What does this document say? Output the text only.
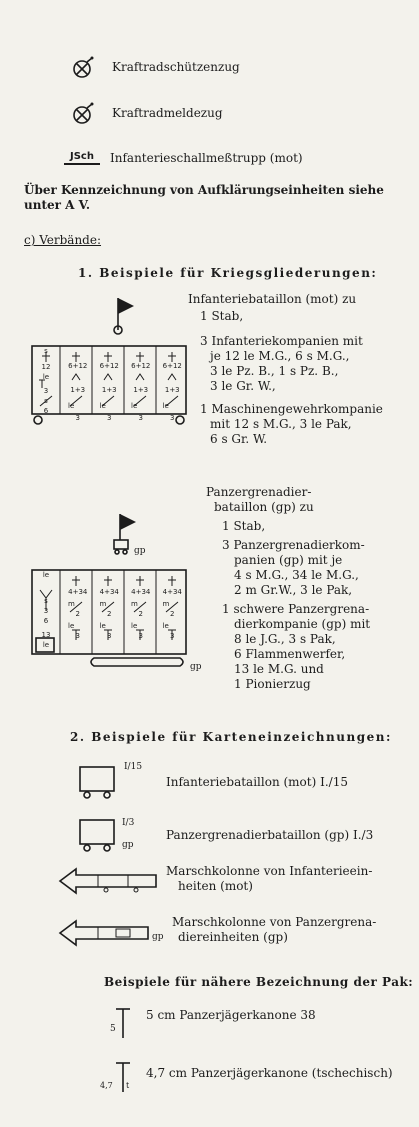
Kraftradschützenzug
Kraftradmeldezug
JSch	Infanterieschallmeßtrupp (mot)
Über Kennzeichnung von Aufklärungseinheiten siehe
unter A V.
c) Verbände:
1. Beispiele für Kriegsgliederungen:
s
12
le
3
s
6
6+12	6+12	6+12	6+12
1+3	1+3	1+3	1+3
le	le	le	le
3	3	3	3
Infanteriebataillon (mot) zu
1 Stab,
3 Infanteriekompanien mit
je 12 le M.G., 6 s M.G.,
3 le Pz. B., 1 s Pz. B.,
3 le Gr. W.,
1 Maschinengewehrkompanie
mit 12 s M.G., 3 le Pak,
6 s Gr. W.
gp
gp
le
s
3
6
13
le
4+34	4+34	4+34	4+34
m	m	m	m
2	2	2	2
le	le	le	le
3	3	3	3
Panzergrenadier-
bataillon (gp) zu
1 Stab,
3 Panzergrenadierkom-
panien (gp) mit je
4 s M.G., 34 le M.G.,
2 m Gr.W., 3 le Pak,
1 schwere Panzergrena-
dierkompanie (gp) mit
8 le J.G., 3 s Pak,
6 Flammenwerfer,
13 le M.G. und
1 Pionierzug
2. Beispiele für Karteneinzeichnungen:
I/15
Infanteriebataillon (mot) I./15
I/3
gp
Panzergrenadierbataillon (gp) I./3
Marschkolonne von Infanterieein-
heiten (mot)
gp
Marschkolonne von Panzergrena-
diereinheiten (gp)
Beispiele für nähere Bezeichnung der Pak:
5
5 cm Panzerjägerkanone 38
4,7 t
4,7 cm Panzerjägerkanone (tschechisch)
